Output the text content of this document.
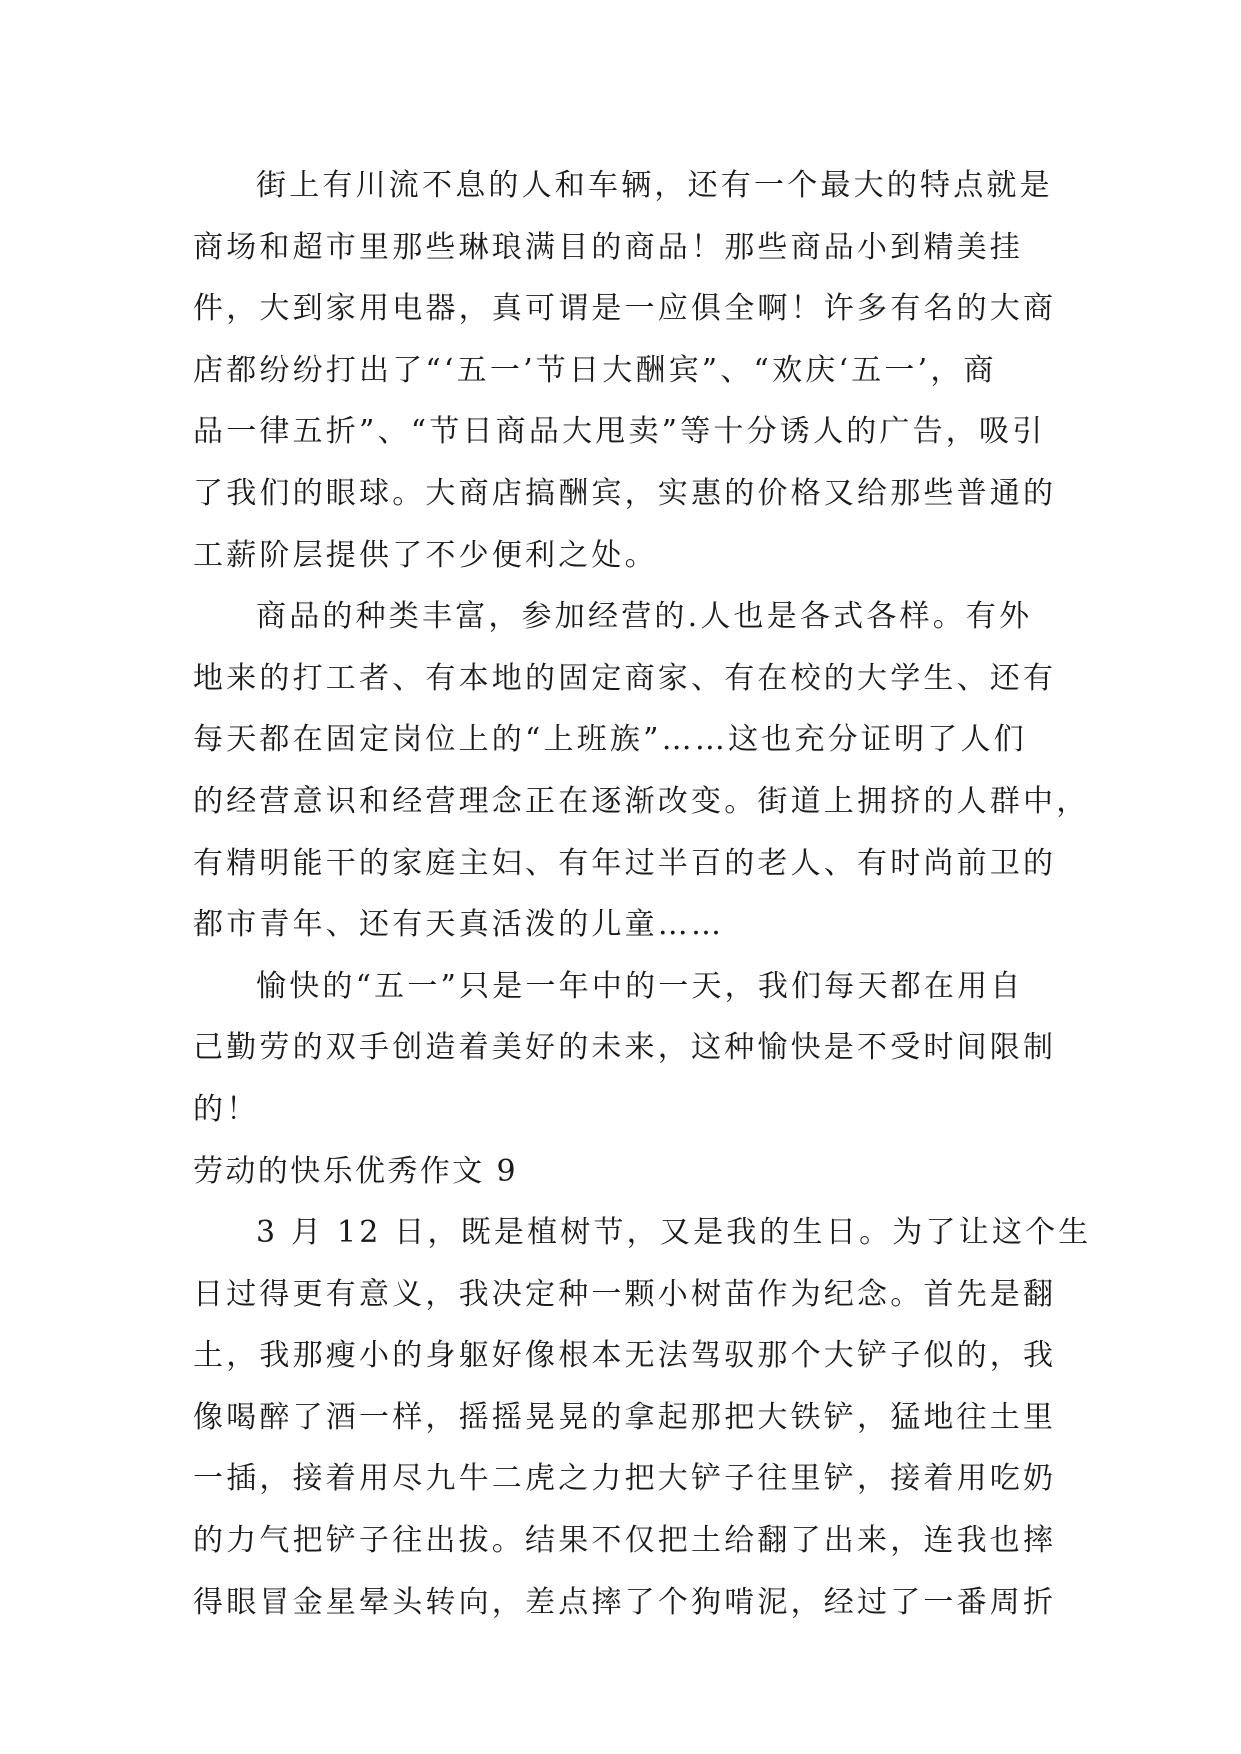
街上有川流不息的人和车辆，还有一个最大的特点就是
商场和超市里那些琳琅满目的商品！那些商品小到精美挂
件，大到家用电器，真可谓是一应俱全啊！许多有名的大商
店都纷纷打出了“‘五一’节日大酬宾”、“欢庆‘五一’，商
品一律五折”、“节日商品大甩卖”等十分诱人的广告，吸引
了我们的眼球。大商店搞酬宾，实惠的价格又给那些普通的
工薪阶层提供了不少便利之处。
商品的种类丰富，参加经营的.人也是各式各样。有外
地来的打工者、有本地的固定商家、有在校的大学生、还有
每天都在固定岗位上的“上班族”……这也充分证明了人们
的经营意识和经营理念正在逐渐改变。街道上拥挤的人群中，
有精明能干的家庭主妇、有年过半百的老人、有时尚前卫的
都市青年、还有天真活泼的儿童……
愉快的“五一”只是一年中的一天，我们每天都在用自
己勤劳的双手创造着美好的未来，这种愉快是不受时间限制
的！
劳动的快乐优秀作文 9
3 月 12 日，既是植树节，又是我的生日。为了让这个生
日过得更有意义，我决定种一颗小树苗作为纪念。首先是翻
土，我那瘦小的身躯好像根本无法驾驭那个大铲子似的，我
像喝醉了酒一样，摇摇晃晃的拿起那把大铁铲，猛地往土里
一插，接着用尽九牛二虎之力把大铲子往里铲，接着用吃奶
的力气把铲子往出拔。结果不仅把土给翻了出来，连我也摔
得眼冒金星晕头转向，差点摔了个狗啃泥，经过了一番周折
